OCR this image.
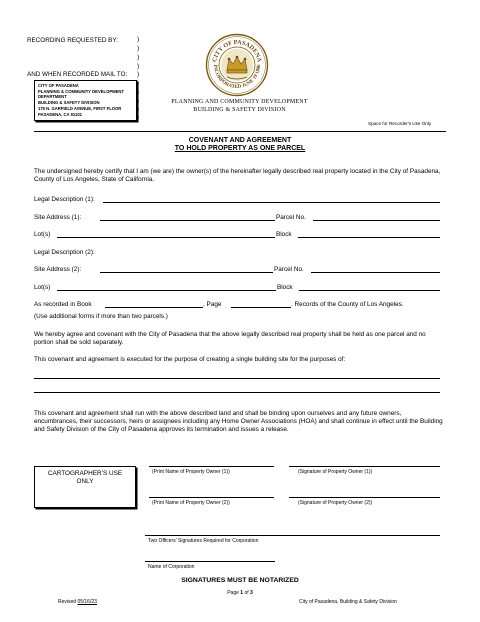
RECORDING REQUESTED BY:
AND WHEN RECORDED MAIL TO:
)
)
)
)
)
)
)
)
)
)
CITY OF PASADENA
PLANNING & COMMUNITY DEVELOPMENT
DEPARTMENT
BUILDING & SAFETY DIVISION
175 N. GARFIELD AVENUE, FIRST FLOOR
PASADENA, CA 91101
CITY OF PASADENA
INCORPORATED JUNE 19 1886
PLANNING AND COMMUNITY DEVELOPMENT
BUILDING & SAFETY DIVISION
Space for Recorder's Use Only
COVENANT AND AGREEMENT
TO HOLD PROPERTY AS ONE PARCEL
The undersigned hereby certify that I am (we are) the owner(s) of the hereinafter legally described real property located in the City of Pasadena, County of Los Angeles, State of California.
Legal Description (1):
Site Address (1):	Parcel No.
Lot(s)	Block
Legal Description (2):
Site Address (2):	Parcel No.
Lot(s)	Block
As recorded in Book	, Page	. Records of the County of Los Angeles.
(Use additional forms if more than two parcels.)
We hereby agree and covenant with the City of Pasadena that the above legally described real property shall be held as one parcel and no portion shall be sold separately.
This covenant and agreement is executed for the purpose of creating a single building site for the purposes of:
This covenant and agreement shall run with the above described land and shall be binding upon ourselves and any future owners, encumbrances, their successors, heirs or assignees including any Home Owner Associations (HOA) and shall continue in effect until the Building and Safety Division of the City of Pasadena approves its termination and issues a release.
CARTOGRAPHER’S USE
ONLY
(Print Name of Property Owner (1))	(Signature of Property Owner (1))
(Print Name of Property Owner (2))	(Signature of Property Owner (2))
Two Officers' Signatures Required for Corporation
Name of Corporation
SIGNATURES MUST BE NOTARIZED
Page 1 of 3
Revised 05/16/23	City of Pasadena, Building & Safety Division
